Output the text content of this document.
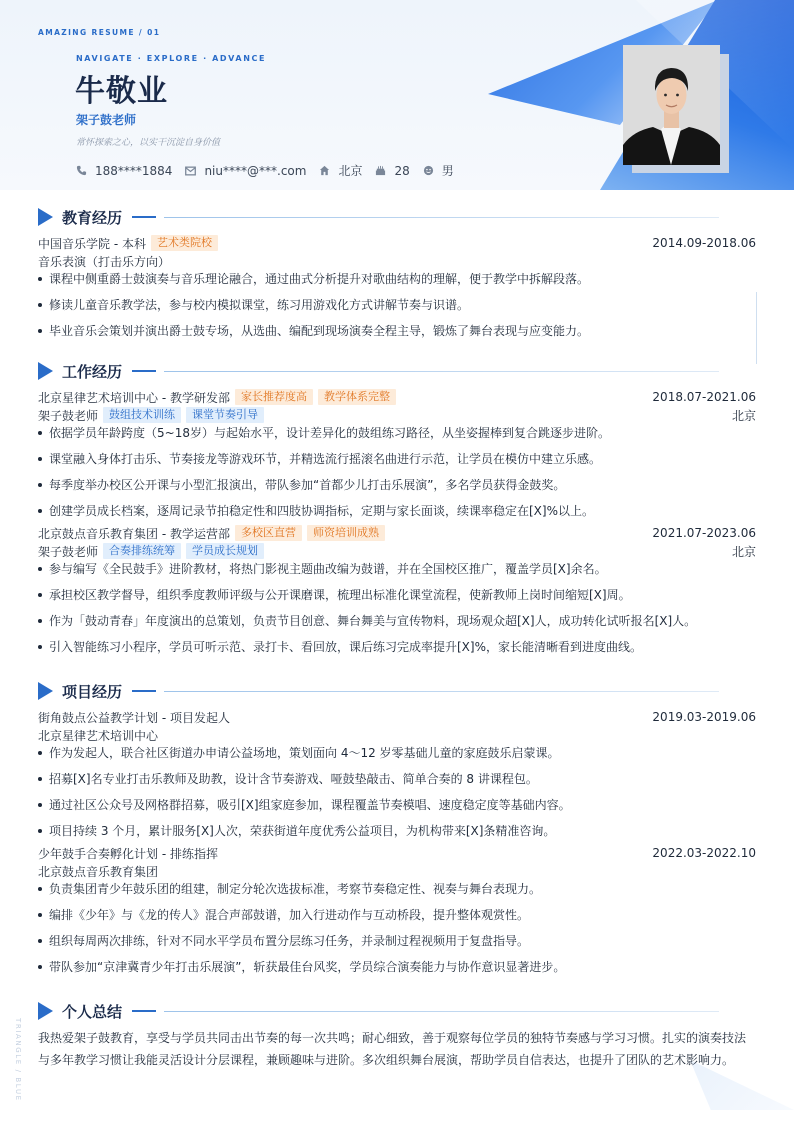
AMAZING RESUME / 01
NAVIGATE · EXPLORE · ADVANCE
牛敬业
架子鼓老师
常怀探索之心，以实干沉淀自身价值
188****1884	niu****@***.com	北京	28	男
教育经历
中国音乐学院 - 本科	艺术类院校	2014.09-2018.06
音乐表演（打击乐方向）
课程中侧重爵士鼓演奏与音乐理论融合，通过曲式分析提升对歌曲结构的理解，便于教学中拆解段落。
修读儿童音乐教学法，参与校内模拟课堂，练习用游戏化方式讲解节奏与识谱。
毕业音乐会策划并演出爵士鼓专场，从选曲、编配到现场演奏全程主导，锻炼了舞台表现与应变能力。
工作经历
北京星律艺术培训中心 - 教学研发部	家长推荐度高	教学体系完整	2018.07-2021.06
架子鼓老师	鼓组技术训练	课堂节奏引导	北京
依据学员年龄跨度（5~18岁）与起始水平，设计差异化的鼓组练习路径，从坐姿握棒到复合跳逐步进阶。
课堂融入身体打击乐、节奏接龙等游戏环节，并精选流行摇滚名曲进行示范，让学员在模仿中建立乐感。
每季度举办校区公开课与小型汇报演出，带队参加“首都少儿打击乐展演”，多名学员获得金鼓奖。
创建学员成长档案，逐周记录节拍稳定性和四肢协调指标，定期与家长面谈，续课率稳定在[X]%以上。
北京鼓点音乐教育集团 - 教学运营部	多校区直营	师资培训成熟	2021.07-2023.06
架子鼓老师	合奏排练统筹	学员成长规划	北京
参与编写《全民鼓手》进阶教材，将热门影视主题曲改编为鼓谱，并在全国校区推广，覆盖学员[X]余名。
承担校区教学督导，组织季度教师评级与公开课磨课，梳理出标准化课堂流程，使新教师上岗时间缩短[X]周。
作为「鼓动青春」年度演出的总策划，负责节目创意、舞台舞美与宣传物料，现场观众超[X]人，成功转化试听报名[X]人。
引入智能练习小程序，学员可听示范、录打卡、看回放，课后练习完成率提升[X]%，家长能清晰看到进度曲线。
项目经历
街角鼓点公益教学计划 - 项目发起人	2019.03-2019.06
北京星律艺术培训中心
作为发起人，联合社区街道办申请公益场地，策划面向 4～12 岁零基础儿童的家庭鼓乐启蒙课。
招募[X]名专业打击乐教师及助教，设计含节奏游戏、哑鼓垫敲击、简单合奏的 8 讲课程包。
通过社区公众号及网格群招募，吸引[X]组家庭参加，课程覆盖节奏模唱、速度稳定度等基础内容。
项目持续 3 个月，累计服务[X]人次，荣获街道年度优秀公益项目，为机构带来[X]条精准咨询。
少年鼓手合奏孵化计划 - 排练指挥	2022.03-2022.10
北京鼓点音乐教育集团
负责集团青少年鼓乐团的组建，制定分轮次选拔标准，考察节奏稳定性、视奏与舞台表现力。
编排《少年》与《龙的传人》混合声部鼓谱，加入行进动作与互动桥段，提升整体观赏性。
组织每周两次排练，针对不同水平学员布置分层练习任务，并录制过程视频用于复盘指导。
带队参加“京津冀青少年打击乐展演”，斩获最佳台风奖，学员综合演奏能力与协作意识显著进步。
个人总结
我热爱架子鼓教育，享受与学员共同击出节奏的每一次共鸣；耐心细致，善于观察每位学员的独特节奏感与学习习惯。扎实的演奏技法与多年教学习惯让我能灵活设计分层课程，兼顾趣味与进阶。多次组织舞台展演，帮助学员自信表达，也提升了团队的艺术影响力。
TRIANGLE / BLUE
